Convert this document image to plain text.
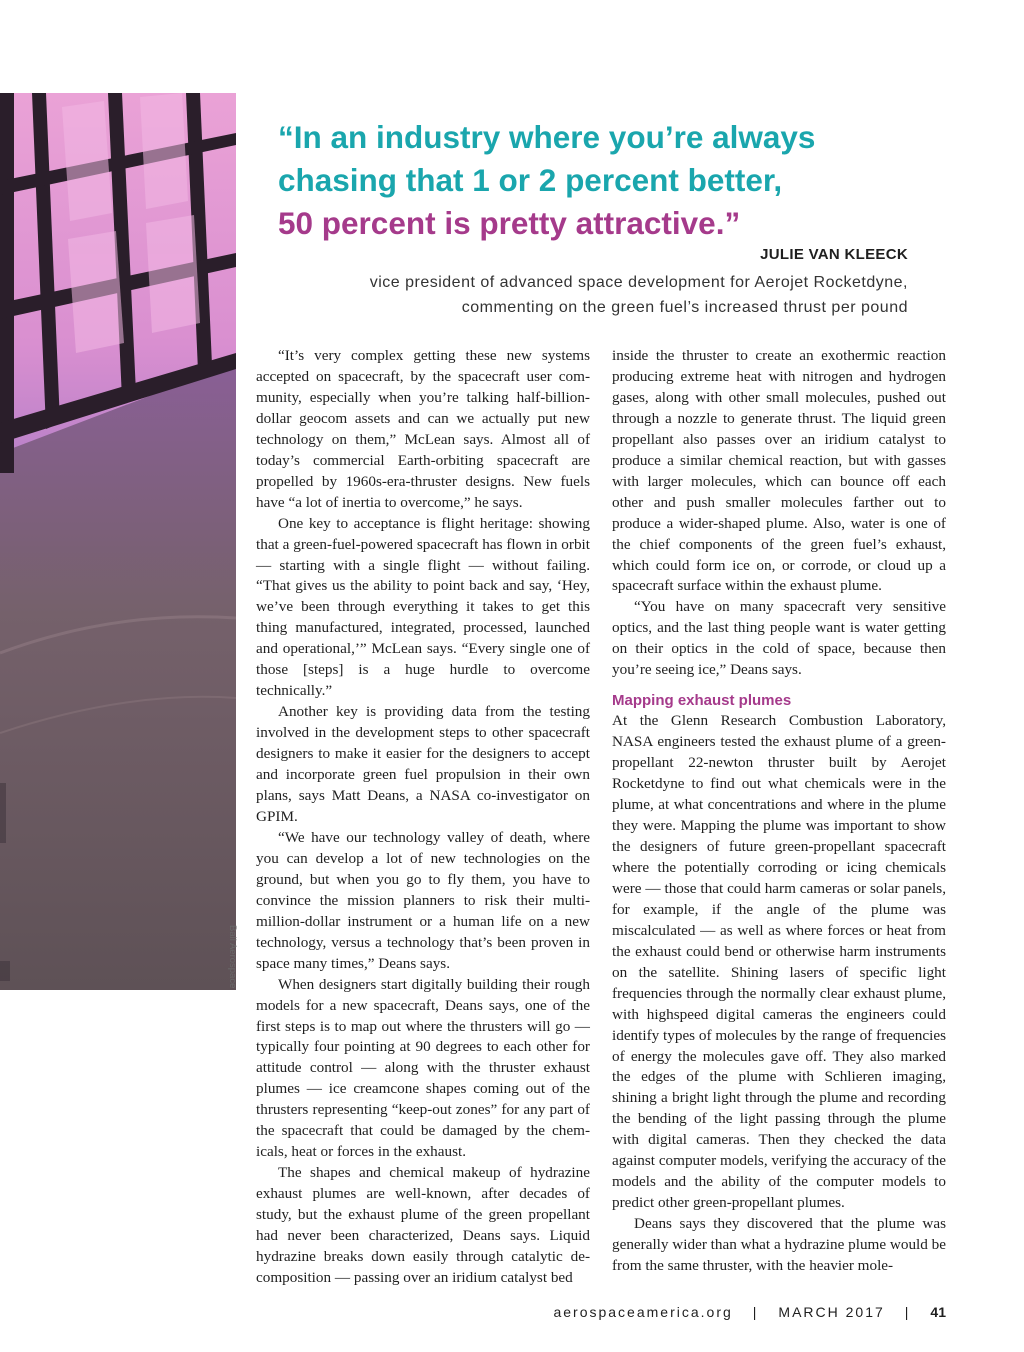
Ball Aerospace
“In an industry where you’re always
chasing that 1 or 2 percent better,
50 percent is pretty attractive.”
JULIE VAN KLEECK
vice president of advanced space development for Aerojet Rocketdyne,
commenting on the green fuel’s increased thrust per pound

“It’s very complex getting these new systems accepted on spacecraft, by the spacecraft user community, especially when you’re talking half-billion-dollar geocom assets and can we actually put new technology on them,” McLean says. Almost all of today’s commercial Earth-orbiting spacecraft are propelled by 1960s-era-thruster designs. New fuels have “a lot of inertia to overcome,” he says.

One key to acceptance is flight heritage: showing that a green-fuel-powered spacecraft has flown in orbit — starting with a single flight — without failing. “That gives us the ability to point back and say, ‘Hey, we’ve been through everything it takes to get this thing manufactured, integrated, processed, launched and operational,’” McLean says. “Every single one of those [steps] is a huge hurdle to overcome technically.”

Another key is providing data from the testing involved in the development steps to other spacecraft designers to make it easier for the designers to accept and incorporate green fuel propulsion in their own plans, says Matt Deans, a NASA co-investigator on GPIM.

“We have our technology valley of death, where you can develop a lot of new technologies on the ground, but when you go to fly them, you have to convince the mission planners to risk their multimillion-dollar instrument or a human life on a new technology, versus a technology that’s been proven in space many times,” Deans says.

When designers start digitally building their rough models for a new spacecraft, Deans says, one of the first steps is to map out where the thrusters will go — typically four pointing at 90 degrees to each other for attitude control — along with the thruster exhaust plumes — ice creamcone shapes coming out of the thrusters representing “keep-out zones” for any part of the spacecraft that could be damaged by the chemicals, heat or forces in the exhaust.

The shapes and chemical makeup of hydrazine exhaust plumes are well-known, after decades of study, but the exhaust plume of the green propellant had never been characterized, Deans says. Liquid hydrazine breaks down easily through catalytic decomposition — passing over an iridium catalyst bed

inside the thruster to create an exothermic reaction producing extreme heat with nitrogen and hydrogen gases, along with other small molecules, pushed out through a nozzle to generate thrust. The liquid green propellant also passes over an iridium catalyst to produce a similar chemical reaction, but with gasses with larger molecules, which can bounce off each other and push smaller molecules farther out to produce a wider-shaped plume. Also, water is one of the chief components of the green fuel’s exhaust, which could form ice on, or corrode, or cloud up a spacecraft surface within the exhaust plume.

“You have on many spacecraft very sensitive optics, and the last thing people want is water getting on their optics in the cold of space, because then you’re seeing ice,” Deans says.

Mapping exhaust plumes

At the Glenn Research Combustion Laboratory, NASA engineers tested the exhaust plume of a green-propellant 22-newton thruster built by Aerojet Rocketdyne to find out what chemicals were in the plume, at what concentrations and where in the plume they were. Mapping the plume was important to show the designers of future green-propellant spacecraft where the potentially corroding or icing chemicals were — those that could harm cameras or solar panels, for example, if the angle of the plume was miscalculated — as well as where forces or heat from the exhaust could bend or otherwise harm instruments on the satellite. Shining lasers of specific light frequencies through the normally clear exhaust plume, with highspeed digital cameras the engineers could identify types of molecules by the range of frequencies of energy the molecules gave off. They also marked the edges of the plume with Schlieren imaging, shining a bright light through the plume and recording the bending of the light passing through the plume with digital cameras. Then they checked the data against computer models, verifying the accuracy of the models and the ability of the computer models to predict other green-propellant plumes.

Deans says they discovered that the plume was generally wider than what a hydrazine plume would be from the same thruster, with the heavier mole-

aerospaceamerica.org | MARCH 2017 | 41
